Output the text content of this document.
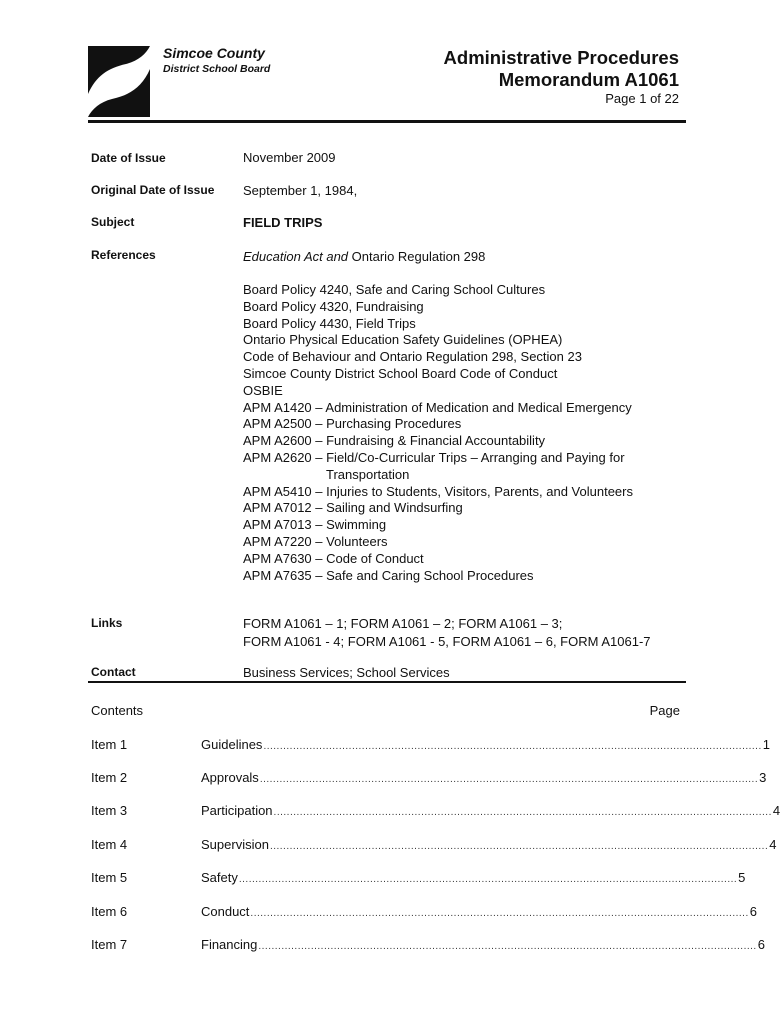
Simcoe County
District School Board
Administrative Procedures
Memorandum A1061
Page 1 of 22
Date of Issue	November 2009
Original Date of Issue September 1, 1984,
Subject	FIELD TRIPS
References	Education Act and Ontario Regulation 298
Board Policy 4240, Safe and Caring School Cultures
Board Policy 4320, Fundraising
Board Policy 4430, Field Trips
Ontario Physical Education Safety Guidelines (OPHEA)
Code of Behaviour and Ontario Regulation 298, Section 23
Simcoe County District School Board Code of Conduct
OSBIE
APM A1420 – Administration of Medication and Medical Emergency
APM A2500 – Purchasing Procedures
APM A2600 – Fundraising & Financial Accountability
APM A2620 – Field/Co-Curricular Trips – Arranging and Paying for
Transportation
APM A5410 – Injuries to Students, Visitors, Parents, and Volunteers
APM A7012 – Sailing and Windsurfing
APM A7013 – Swimming
APM A7220 – Volunteers
APM A7630 – Code of Conduct
APM A7635 – Safe and Caring School Procedures
Links	FORM A1061 – 1; FORM A1061 – 2; FORM A1061 – 3;
FORM A1061 - 4; FORM A1061 - 5, FORM A1061 – 6, FORM A1061-7
Contact	Business Services; School Services
Contents	Page
Item 1	Guidelines ........................................................................................................................................................ 1
Item 2	Approvals ........................................................................................................................................................ 3
Item 3	Participation ........................................................................................................................................................ 4
Item 4	Supervision ........................................................................................................................................................ 4
Item 5	Safety ........................................................................................................................................................ 5
Item 6	Conduct ........................................................................................................................................................ 6
Item 7	Financing ........................................................................................................................................................ 6
